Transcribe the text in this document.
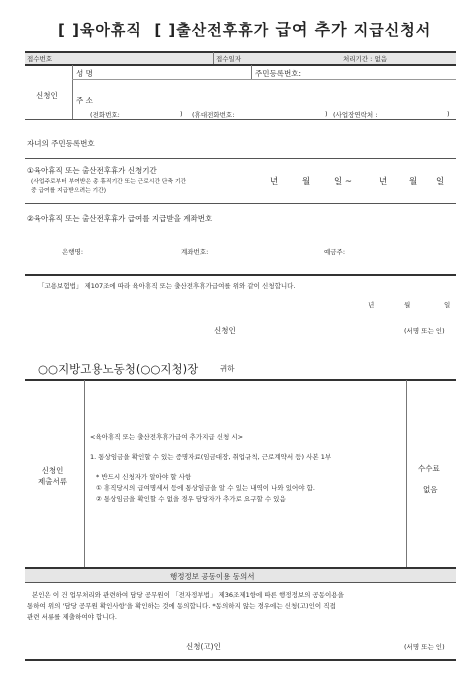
[ ]육아휴직 [ ]출산전후휴가 급여 추가 지급신청서
접수번호	접수일자	처리기간 : 없음
신청인
성 명	주민등록번호:
주 소
(전화번호:	) (휴대전화번호:	) (사업장연락처 :	)
자녀의 주민등록번호
①육아휴직 또는 출산전후휴가 신청기간
(사업주로부터 부여받은 총 휴직기간 또는 근로시간 단축 기간
중 급여를 지급받으려는 기간)
년	월	일 ~	년	월 일
②육아휴직 또는 출산전후휴가 급여를 지급받을 계좌번호
은행명:	계좌번호:	예금주:
「고용보험법」 제107조에 따라 육아휴직 또는 출산전후휴가급여를 위와 같이 신청합니다.
년	월	일
신청인	(서명 또는 인)
○○지방고용노동청(○○지청)장	귀하
신청인
제출서류
<육아휴직 또는 출산전후휴가급여 추가지급 신청 시>
1. 통상임금을 확인할 수 있는 증명자료(임금대장, 취업규칙, 근로계약서 등) 사본 1부
* 반드시 신청자가 알아야 할 사항
① 휴직당시의 급여명세서 등에 통상임금을 알 수 있는 내역이 나와 있어야 함.
② 통상임금을 확인할 수 없을 경우 담당자가 추가로 요구할 수 있음
수수료
없음
행정정보 공동이용 동의서
본인은 이 건 업무처리와 관련하여 담당 공무원이 「전자정부법」 제36조제1항에 따른 행정정보의 공동이용을
통하여 위의 '담당 공무원 확인사항'을 확인하는 것에 동의합니다. *동의하지 않는 경우에는 신청(고)인이 직접
관련 서류를 제출하여야 합니다.
신청(고)인	(서명 또는 인)
